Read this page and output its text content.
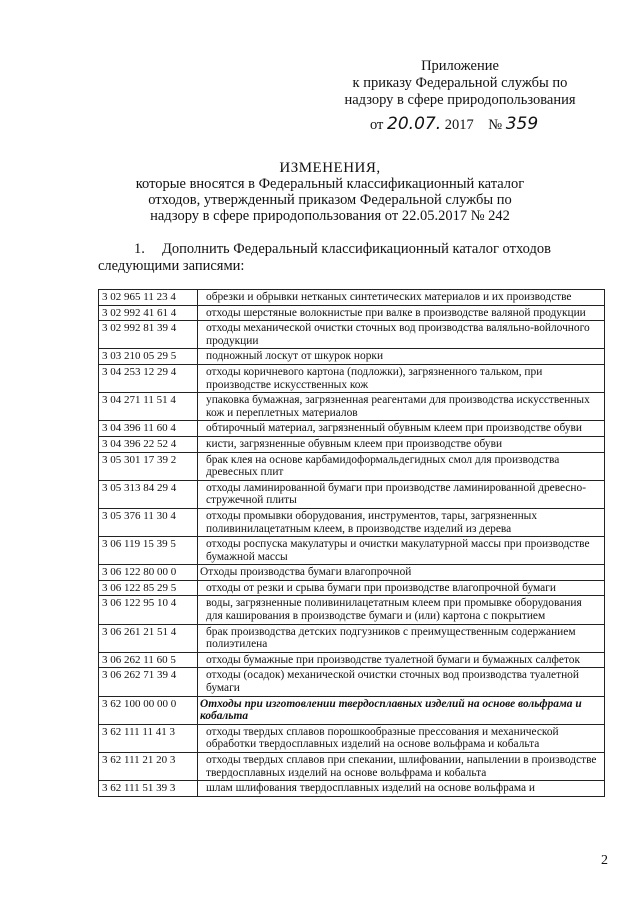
Приложение
к приказу Федеральной службы по
надзору в сфере природопользования
от 20.07. 2017 № 359
ИЗМЕНЕНИЯ,
которые вносятся в Федеральный классификационный каталог
отходов, утвержденный приказом Федеральной службы по
надзору в сфере природопользования от 22.05.2017 № 242
1. Дополнить Федеральный классификационный каталог отходов следующими записями:
3 02 965 11 23 4	обрезки и обрывки нетканых синтетических материалов и их производстве
3 02 992 41 61 4	отходы шерстяные волокнистые при валке в производстве валяной продукции
3 02 992 81 39 4	отходы механической очистки сточных вод производства валяльно-войлочного продукции
3 03 210 05 29 5	подножный лоскут от шкурок норки
3 04 253 12 29 4	отходы коричневого картона (подложки), загрязненного тальком, при производстве искусственных кож
3 04 271 11 51 4	упаковка бумажная, загрязненная реагентами для производства искусственных кож и переплетных материалов
3 04 396 11 60 4	обтирочный материал, загрязненный обувным клеем при производстве обуви
3 04 396 22 52 4	кисти, загрязненные обувным клеем при производстве обуви
3 05 301 17 39 2	брак клея на основе карбамидоформальдегидных смол для производства древесных плит
3 05 313 84 29 4	отходы ламинированной бумаги при производстве ламинированной древесно-стружечной плиты
3 05 376 11 30 4	отходы промывки оборудования, инструментов, тары, загрязненных поливинилацетатным клеем, в производстве изделий из дерева
3 06 119 15 39 5	отходы роспуска макулатуры и очистки макулатурной массы при производстве бумажной массы
3 06 122 80 00 0	Отходы производства бумаги влагопрочной
3 06 122 85 29 5	отходы от резки и срыва бумаги при производстве влагопрочной бумаги
3 06 122 95 10 4	воды, загрязненные поливинилацетатным клеем при промывке оборудования для каширования в производстве бумаги и (или) картона с покрытием
3 06 261 21 51 4	брак производства детских подгузников с преимущественным содержанием полиэтилена
3 06 262 11 60 5	отходы бумажные при производстве туалетной бумаги и бумажных салфеток
3 06 262 71 39 4	отходы (осадок) механической очистки сточных вод производства туалетной бумаги
3 62 100 00 00 0	Отходы при изготовлении твердосплавных изделий на основе вольфрама и кобальта
3 62 111 11 41 3	отходы твердых сплавов порошкообразные прессования и механической обработки твердосплавных изделий на основе вольфрама и кобальта
3 62 111 21 20 3	отходы твердых сплавов при спекании, шлифовании, напылении в производстве твердосплавных изделий на основе вольфрама и кобальта
3 62 111 51 39 3	шлам шлифования твердосплавных изделий на основе вольфрама и
2
